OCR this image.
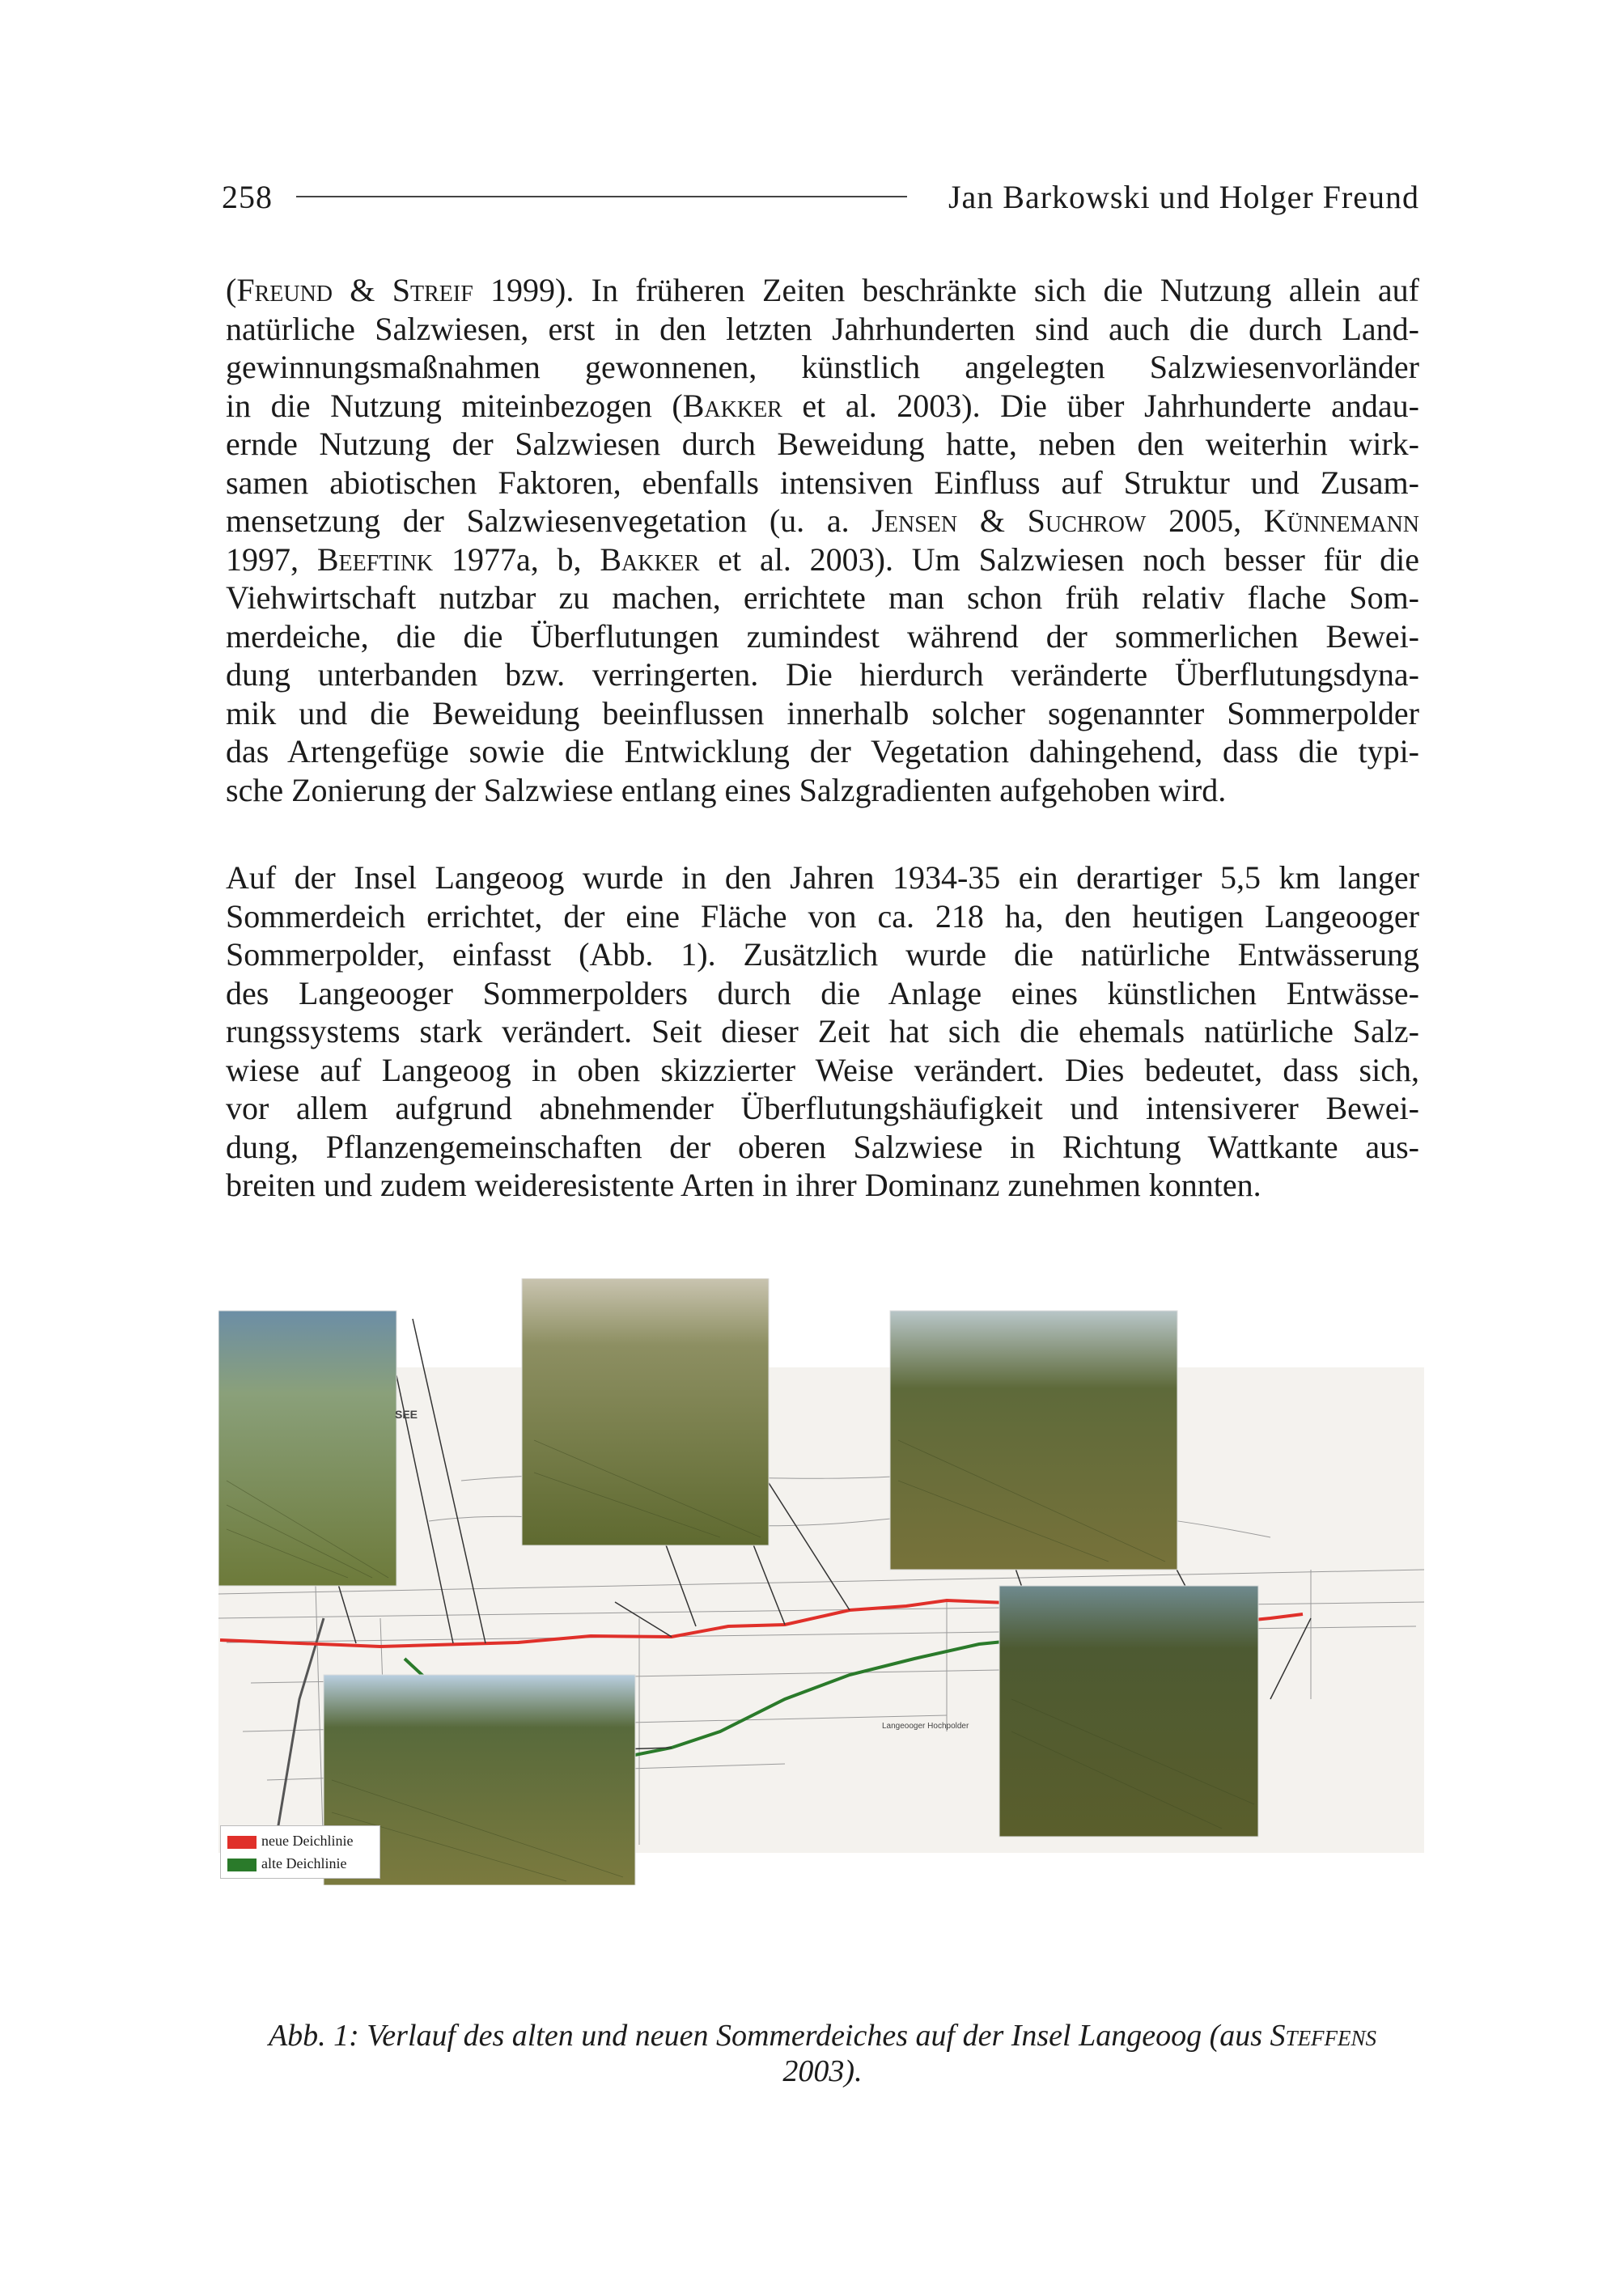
258	Jan Barkowski und Holger Freund

(Freund & Streif 1999). In früheren Zeiten beschränkte sich die Nutzung allein auf
natürliche Salzwiesen, erst in den letzten Jahrhunderten sind auch die durch Land-
gewinnungsmaßnahmen gewonnenen, künstlich angelegten Salzwiesenvorländer
in die Nutzung miteinbezogen (Bakker et al. 2003). Die über Jahrhunderte andau-
ernde Nutzung der Salzwiesen durch Beweidung hatte, neben den weiterhin wirk-
samen abiotischen Faktoren, ebenfalls intensiven Einfluss auf Struktur und Zusam-
mensetzung der Salzwiesenvegetation (u. a. Jensen & Suchrow 2005, Künnemann
1997, Beeftink 1977a, b, Bakker et al. 2003). Um Salzwiesen noch besser für die
Viehwirtschaft nutzbar zu machen, errichtete man schon früh relativ flache Som-
merdeiche, die die Überflutungen zumindest während der sommerlichen Bewei-
dung unterbanden bzw. verringerten. Die hierdurch veränderte Überflutungsdyna-
mik und die Beweidung beeinflussen innerhalb solcher sogenannter Sommerpolder
das Artengefüge sowie die Entwicklung der Vegetation dahingehend, dass die typi-
sche Zonierung der Salzwiese entlang eines Salzgradienten aufgehoben wird.

Auf der Insel Langeoog wurde in den Jahren 1934-35 ein derartiger 5,5 km langer
Sommerdeich errichtet, der eine Fläche von ca. 218 ha, den heutigen Langeooger
Sommerpolder, einfasst (Abb. 1). Zusätzlich wurde die natürliche Entwässerung
des Langeooger Sommerpolders durch die Anlage eines künstlichen Entwässe-
rungssystems stark verändert. Seit dieser Zeit hat sich die ehemals natürliche Salz-
wiese auf Langeoog in oben skizzierter Weise verändert. Dies bedeutet, dass sich,
vor allem aufgrund abnehmender Überflutungshäufigkeit und intensiverer Bewei-
dung, Pflanzengemeinschaften der oberen Salzwiese in Richtung Wattkante aus-
breiten und zudem weideresistente Arten in ihrer Dominanz zunehmen konnten.

SEE
Langeooger Hochpolder
neue Deichlinie
alte Deichlinie

Abb. 1: Verlauf des alten und neuen Sommerdeiches auf der Insel Langeoog (aus Steffens 2003).
